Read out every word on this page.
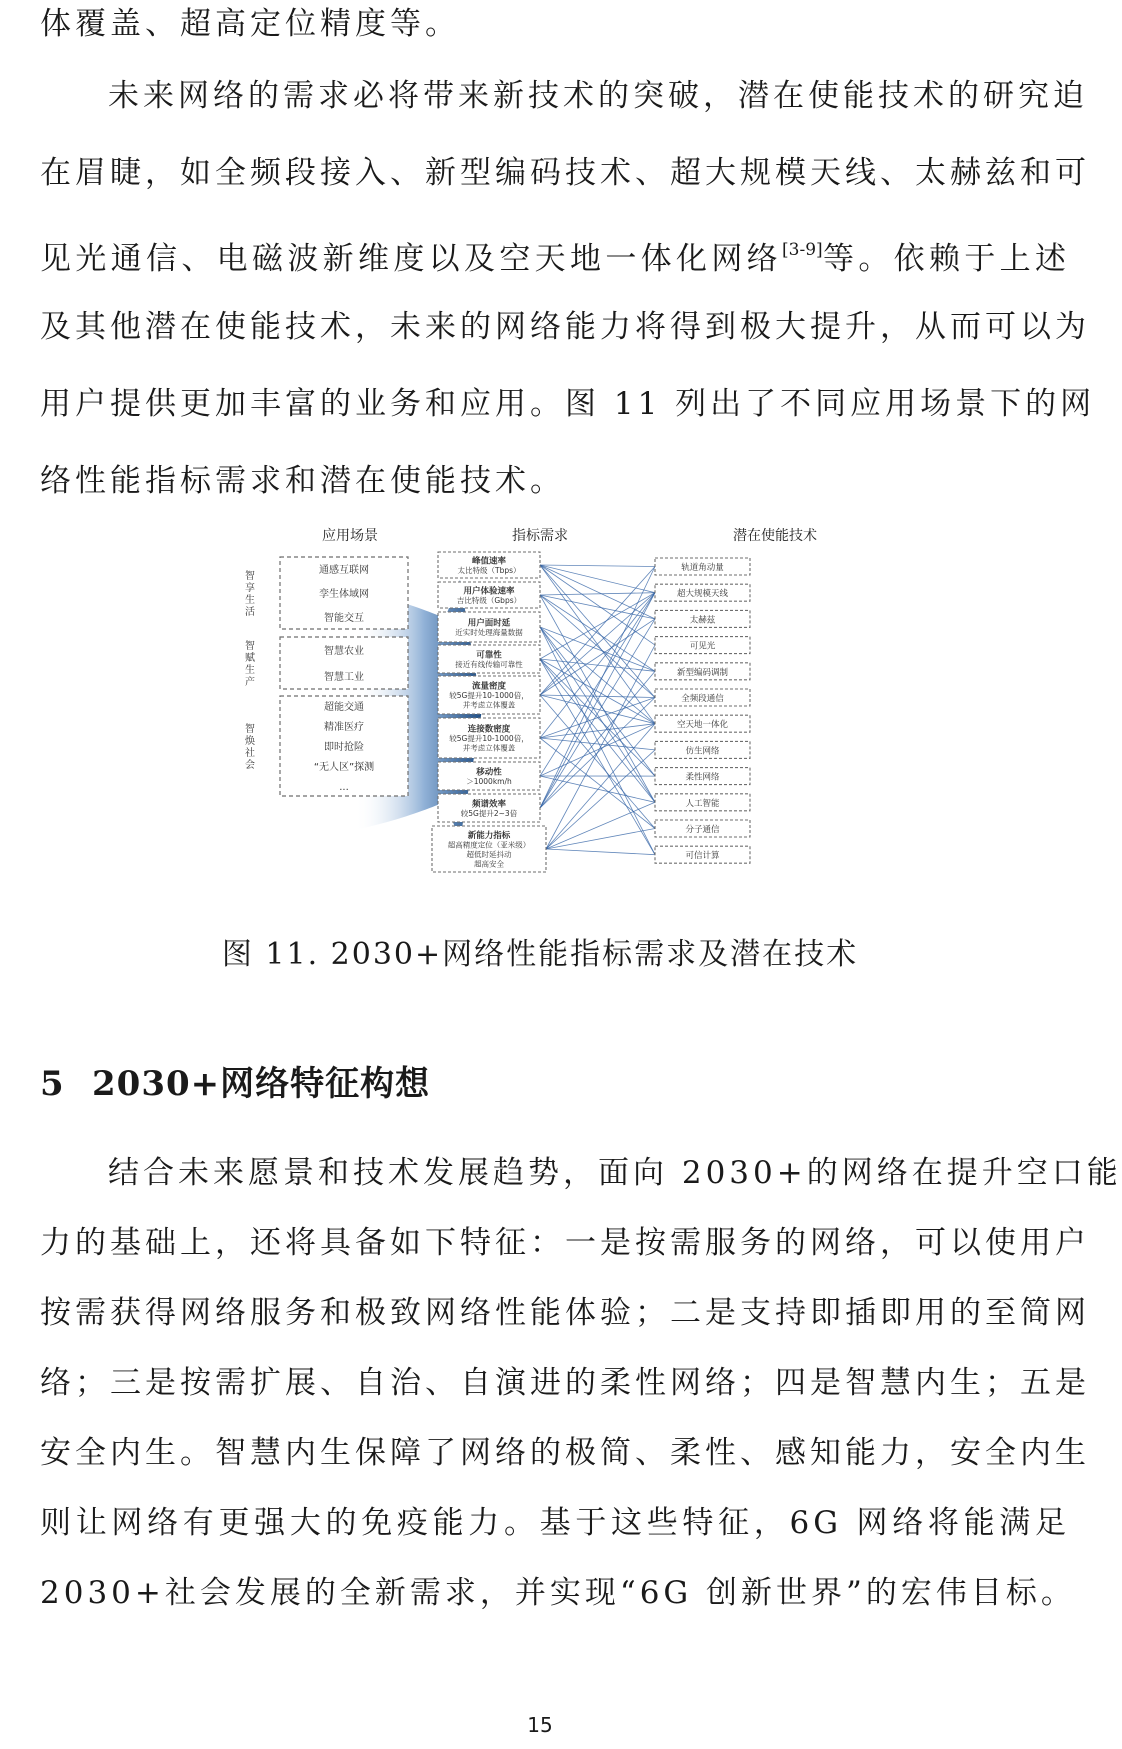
体覆盖、超高定位精度等。
未来网络的需求必将带来新技术的突破，潜在使能技术的研究迫
在眉睫，如全频段接入、新型编码技术、超大规模天线、太赫兹和可
见光通信、电磁波新维度以及空天地一体化网络[3-9]等。依赖于上述
及其他潜在使能技术，未来的网络能力将得到极大提升，从而可以为
用户提供更加丰富的业务和应用。图 11 列出了不同应用场景下的网
络性能指标需求和潜在使能技术。
应用场景	指标需求	潜在使能技术
智
享
生
活
通感互联网
孪生体域网
智能交互
智
赋
生
产
智慧农业
智慧工业
智
焕
社
会
超能交通
精准医疗
即时抢险
“无人区”探测
...
峰值速率
太比特级（Tbps）
用户体验速率
吉比特级（Gbps）
用户面时延
近实时处理海量数据
可靠性
接近有线传输可靠性
流量密度
较5G提升10-1000倍，
并考虑立体覆盖
连接数密度
较5G提升10-1000倍，
并考虑立体覆盖
移动性
＞1000km/h
频谱效率
较5G提升2~3倍
新能力指标
超高精度定位（亚米级）
超低时延抖动
超高安全
轨道角动量
超大规模天线
太赫兹
可见光
新型编码调制
全频段通信
空天地一体化
仿生网络
柔性网络
人工智能
分子通信
可信计算
图 11. 2030+网络性能指标需求及潜在技术
5 2030+网络特征构想
结合未来愿景和技术发展趋势，面向 2030+的网络在提升空口能
力的基础上，还将具备如下特征：一是按需服务的网络，可以使用户
按需获得网络服务和极致网络性能体验；二是支持即插即用的至简网
络；三是按需扩展、自治、自演进的柔性网络；四是智慧内生；五是
安全内生。智慧内生保障了网络的极简、柔性、感知能力，安全内生
则让网络有更强大的免疫能力。基于这些特征，6G 网络将能满足
2030+社会发展的全新需求，并实现“6G 创新世界”的宏伟目标。
15
